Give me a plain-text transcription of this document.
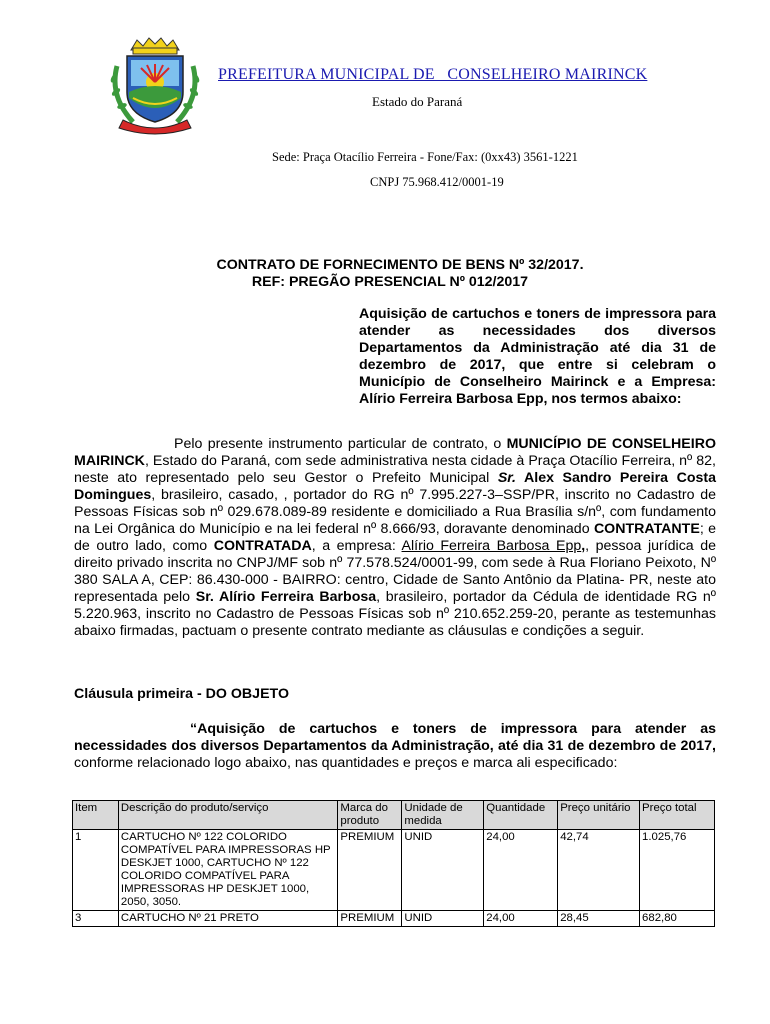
PREFEITURA MUNICIPAL DE   CONSELHEIRO MAIRINCK
Estado do Paraná
Sede: Praça Otacílio Ferreira - Fone/Fax: (0xx43) 3561-1221
CNPJ 75.968.412/0001-19
CONTRATO DE FORNECIMENTO DE BENS Nº 32/2017.
REF: PREGÃO PRESENCIAL Nº 012/2017
Aquisição de cartuchos e toners de impressora para atender as necessidades dos diversos Departamentos da Administração até dia 31 de dezembro de 2017, que entre si celebram o Município de Conselheiro Mairinck e a Empresa: Alírio Ferreira Barbosa Epp, nos termos abaixo:
Pelo presente instrumento particular de contrato, o MUNICÍPIO DE CONSELHEIRO MAIRINCK, Estado do Paraná, com sede administrativa nesta cidade à Praça Otacílio Ferreira, nº 82, neste ato representado pelo seu Gestor o Prefeito Municipal Sr. Alex Sandro Pereira Costa Domingues, brasileiro, casado, , portador do RG nº 7.995.227-3–SSP/PR, inscrito no Cadastro de Pessoas Físicas sob nº 029.678.089-89 residente e domiciliado a Rua Brasília s/nº, com fundamento na Lei Orgânica do Município e na lei federal nº 8.666/93, doravante denominado CONTRATANTE; e de outro lado, como CONTRATADA, a empresa: Alírio Ferreira Barbosa Epp,, pessoa jurídica de direito privado inscrita no CNPJ/MF sob nº 77.578.524/0001-99, com sede à Rua Floriano Peixoto, Nº 380 SALA A, CEP: 86.430-000 - BAIRRO: centro, Cidade de Santo Antônio da Platina- PR, neste ato representada pelo Sr. Alírio Ferreira Barbosa, brasileiro, portador da Cédula de identidade RG nº 5.220.963, inscrito no Cadastro de Pessoas Físicas sob nº 210.652.259-20, perante as testemunhas abaixo firmadas, pactuam o presente contrato mediante as cláusulas e condições a seguir.
Cláusula primeira - DO OBJETO
“Aquisição de cartuchos e toners de impressora para atender as necessidades dos diversos Departamentos da Administração, até dia 31 de dezembro de 2017, conforme relacionado logo abaixo, nas quantidades e preços e marca ali especificado:
Item	Descrição do produto/serviço	Marca do produto	Unidade de medida	Quantidade	Preço unitário	Preço total
1	CARTUCHO Nº 122 COLORIDO COMPATÍVEL PARA IMPRESSORAS HP DESKJET 1000, CARTUCHO Nº 122 COLORIDO COMPATÍVEL PARA IMPRESSORAS HP DESKJET 1000, 2050, 3050.	PREMIUM	UNID	24,00	42,74	1.025,76
3	CARTUCHO Nº 21 PRETO	PREMIUM	UNID	24,00	28,45	682,80
